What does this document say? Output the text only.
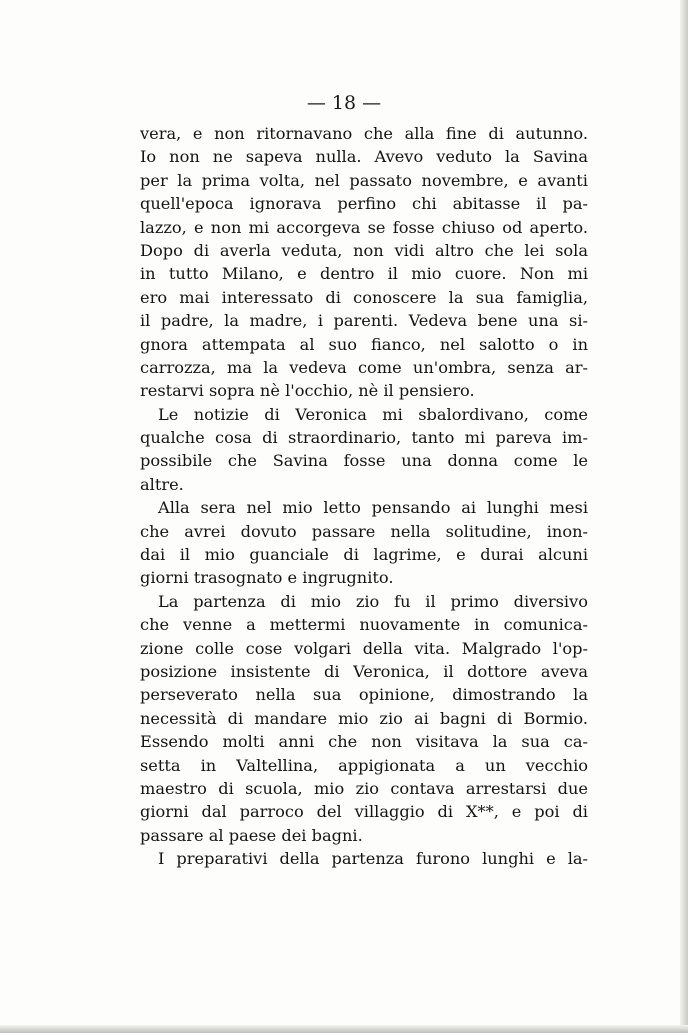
— 18 —
vera, e non ritornavano che alla fine di autunno.
Io non ne sapeva nulla. Avevo veduto la Savina
per la prima volta, nel passato novembre, e avanti
quell'epoca ignorava perfino chi abitasse il pa-
lazzo, e non mi accorgeva se fosse chiuso od aperto.
Dopo di averla veduta, non vidi altro che lei sola
in tutto Milano, e dentro il mio cuore. Non mi
ero mai interessato di conoscere la sua famiglia,
il padre, la madre, i parenti. Vedeva bene una si-
gnora attempata al suo fianco, nel salotto o in
carrozza, ma la vedeva come un'ombra, senza ar-
restarvi sopra nè l'occhio, nè il pensiero.
Le notizie di Veronica mi sbalordivano, come
qualche cosa di straordinario, tanto mi pareva im-
possibile che Savina fosse una donna come le
altre.
Alla sera nel mio letto pensando ai lunghi mesi
che avrei dovuto passare nella solitudine, inon-
dai il mio guanciale di lagrime, e durai alcuni
giorni trasognato e ingrugnito.
La partenza di mio zio fu il primo diversivo
che venne a mettermi nuovamente in comunica-
zione colle cose volgari della vita. Malgrado l'op-
posizione insistente di Veronica, il dottore aveva
perseverato nella sua opinione, dimostrando la
necessità di mandare mio zio ai bagni di Bormio.
Essendo molti anni che non visitava la sua ca-
setta in Valtellina, appigionata a un vecchio
maestro di scuola, mio zio contava arrestarsi due
giorni dal parroco del villaggio di X**, e poi di
passare al paese dei bagni.
I preparativi della partenza furono lunghi e la-
